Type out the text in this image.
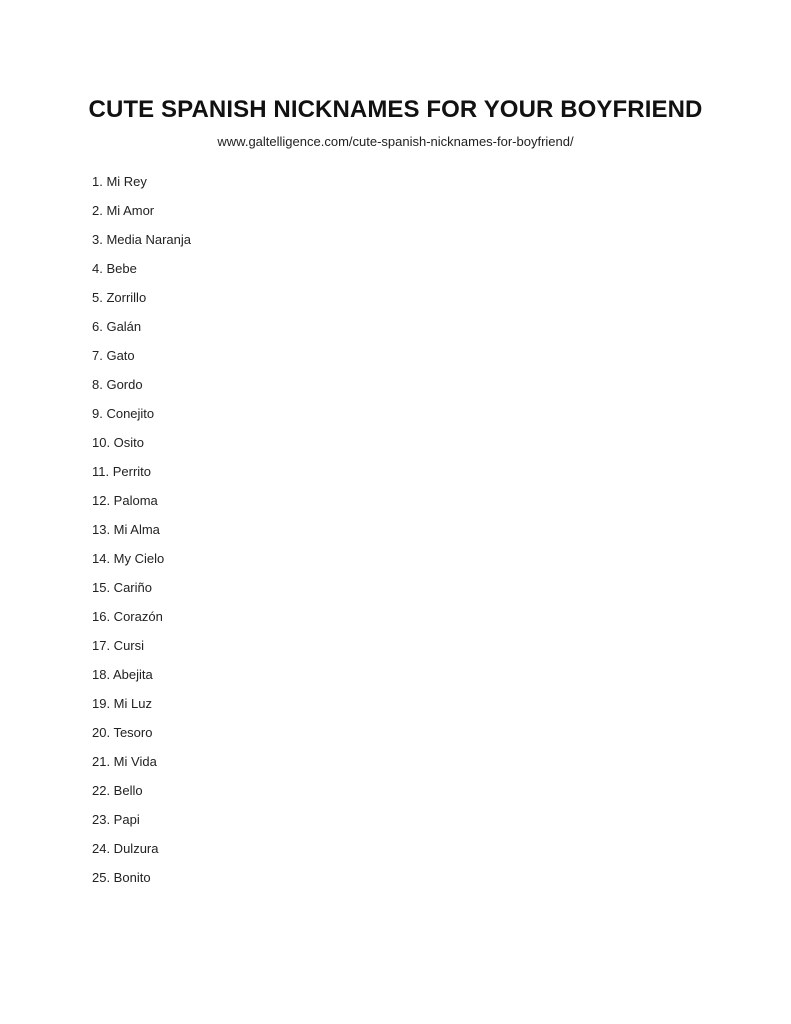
CUTE SPANISH NICKNAMES FOR YOUR BOYFRIEND
www.galtelligence.com/cute-spanish-nicknames-for-boyfriend/
1. Mi Rey
2. Mi Amor
3. Media Naranja
4. Bebe
5. Zorrillo
6. Galán
7. Gato
8. Gordo
9. Conejito
10. Osito
11. Perrito
12. Paloma
13. Mi Alma
14. My Cielo
15. Cariño
16. Corazón
17. Cursi
18. Abejita
19. Mi Luz
20. Tesoro
21. Mi Vida
22. Bello
23. Papi
24. Dulzura
25. Bonito
